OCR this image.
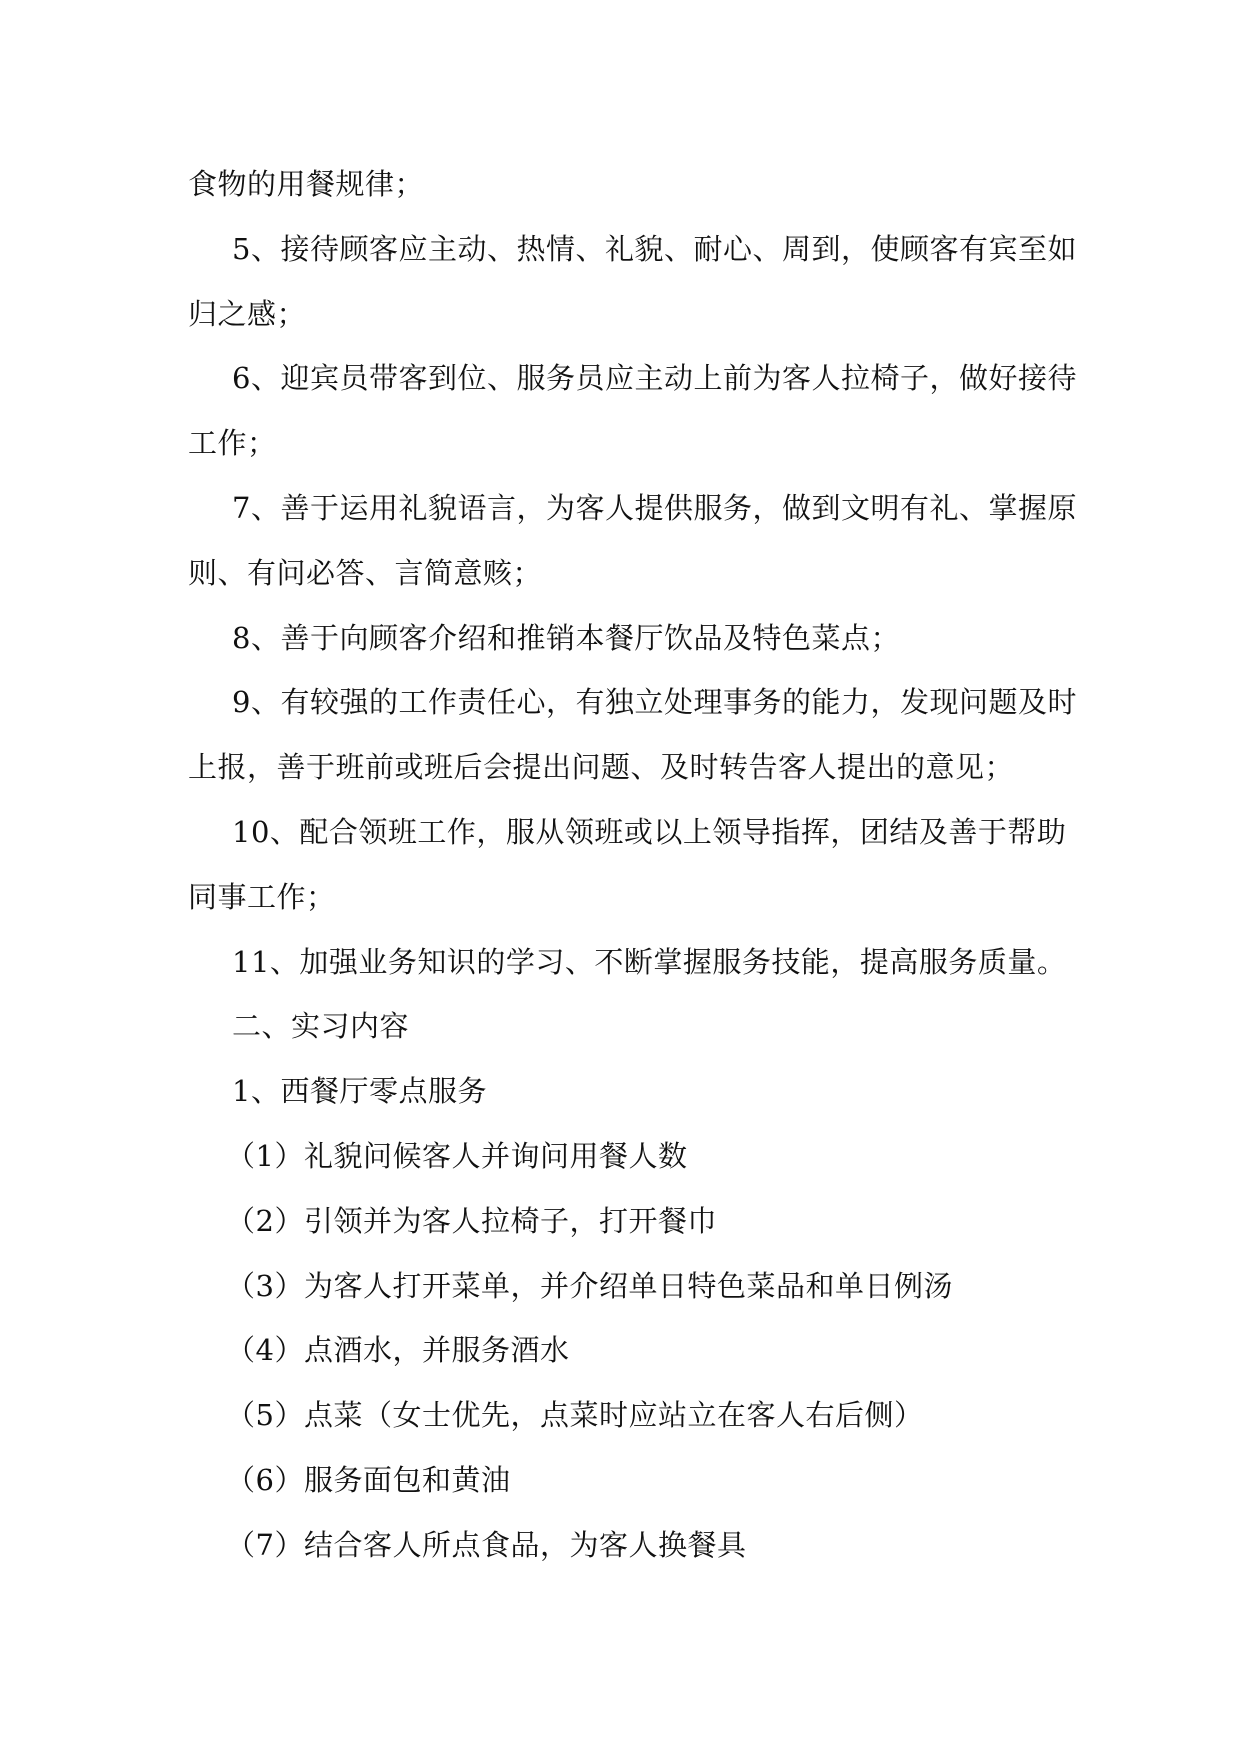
食物的用餐规律；
5、接待顾客应主动、热情、礼貌、耐心、周到，使顾客有宾至如
归之感；
6、迎宾员带客到位、服务员应主动上前为客人拉椅子，做好接待
工作；
7、善于运用礼貌语言，为客人提供服务，做到文明有礼、掌握原
则、有问必答、言简意赅；
8、善于向顾客介绍和推销本餐厅饮品及特色菜点；
9、有较强的工作责任心，有独立处理事务的能力，发现问题及时
上报，善于班前或班后会提出问题、及时转告客人提出的意见；
10、配合领班工作，服从领班或以上领导指挥，团结及善于帮助
同事工作；
11、加强业务知识的学习、不断掌握服务技能，提高服务质量。
二、实习内容
1、西餐厅零点服务
（1）礼貌问候客人并询问用餐人数
（2）引领并为客人拉椅子，打开餐巾
（3）为客人打开菜单，并介绍单日特色菜品和单日例汤
（4）点酒水，并服务酒水
（5）点菜（女士优先，点菜时应站立在客人右后侧）
（6）服务面包和黄油
（7）结合客人所点食品，为客人换餐具
